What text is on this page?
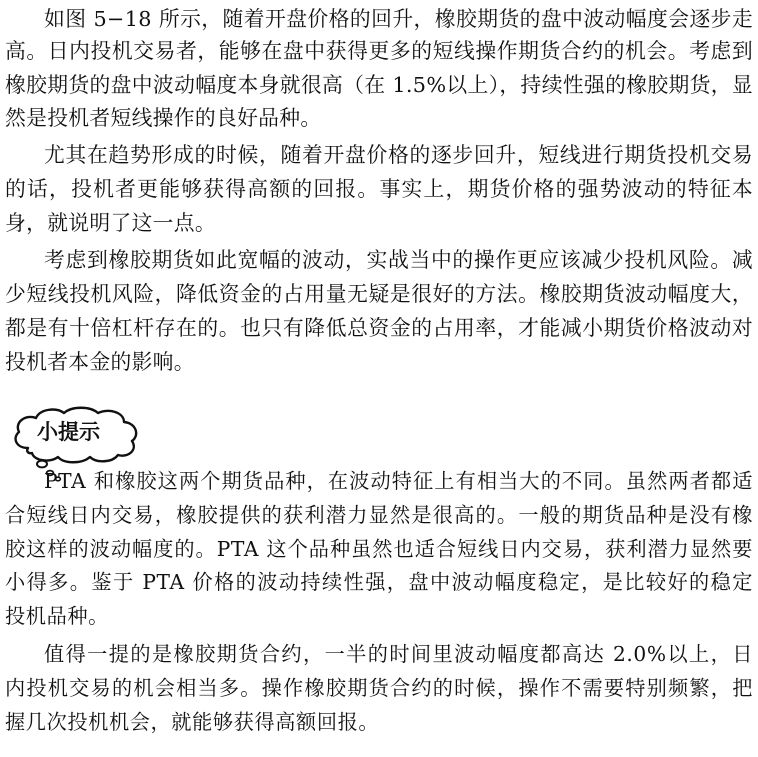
如图 5−18 所示，随着开盘价格的回升，橡胶期货的盘中波动幅度会逐步走
高。日内投机交易者，能够在盘中获得更多的短线操作期货合约的机会。考虑到
橡胶期货的盘中波动幅度本身就很高（在 1.5%以上），持续性强的橡胶期货，显
然是投机者短线操作的良好品种。
尤其在趋势形成的时候，随着开盘价格的逐步回升，短线进行期货投机交易
的话，投机者更能够获得高额的回报。事实上，期货价格的强势波动的特征本
身，就说明了这一点。
考虑到橡胶期货如此宽幅的波动，实战当中的操作更应该减少投机风险。减
少短线投机风险，降低资金的占用量无疑是很好的方法。橡胶期货波动幅度大，
都是有十倍杠杆存在的。也只有降低总资金的占用率，才能减小期货价格波动对
投机者本金的影响。
小提示
PTA 和橡胶这两个期货品种，在波动特征上有相当大的不同。虽然两者都适
合短线日内交易，橡胶提供的获利潜力显然是很高的。一般的期货品种是没有橡
胶这样的波动幅度的。PTA 这个品种虽然也适合短线日内交易，获利潜力显然要
小得多。鉴于 PTA 价格的波动持续性强，盘中波动幅度稳定，是比较好的稳定
投机品种。
值得一提的是橡胶期货合约，一半的时间里波动幅度都高达 2.0%以上，日
内投机交易的机会相当多。操作橡胶期货合约的时候，操作不需要特别频繁，把
握几次投机机会，就能够获得高额回报。
